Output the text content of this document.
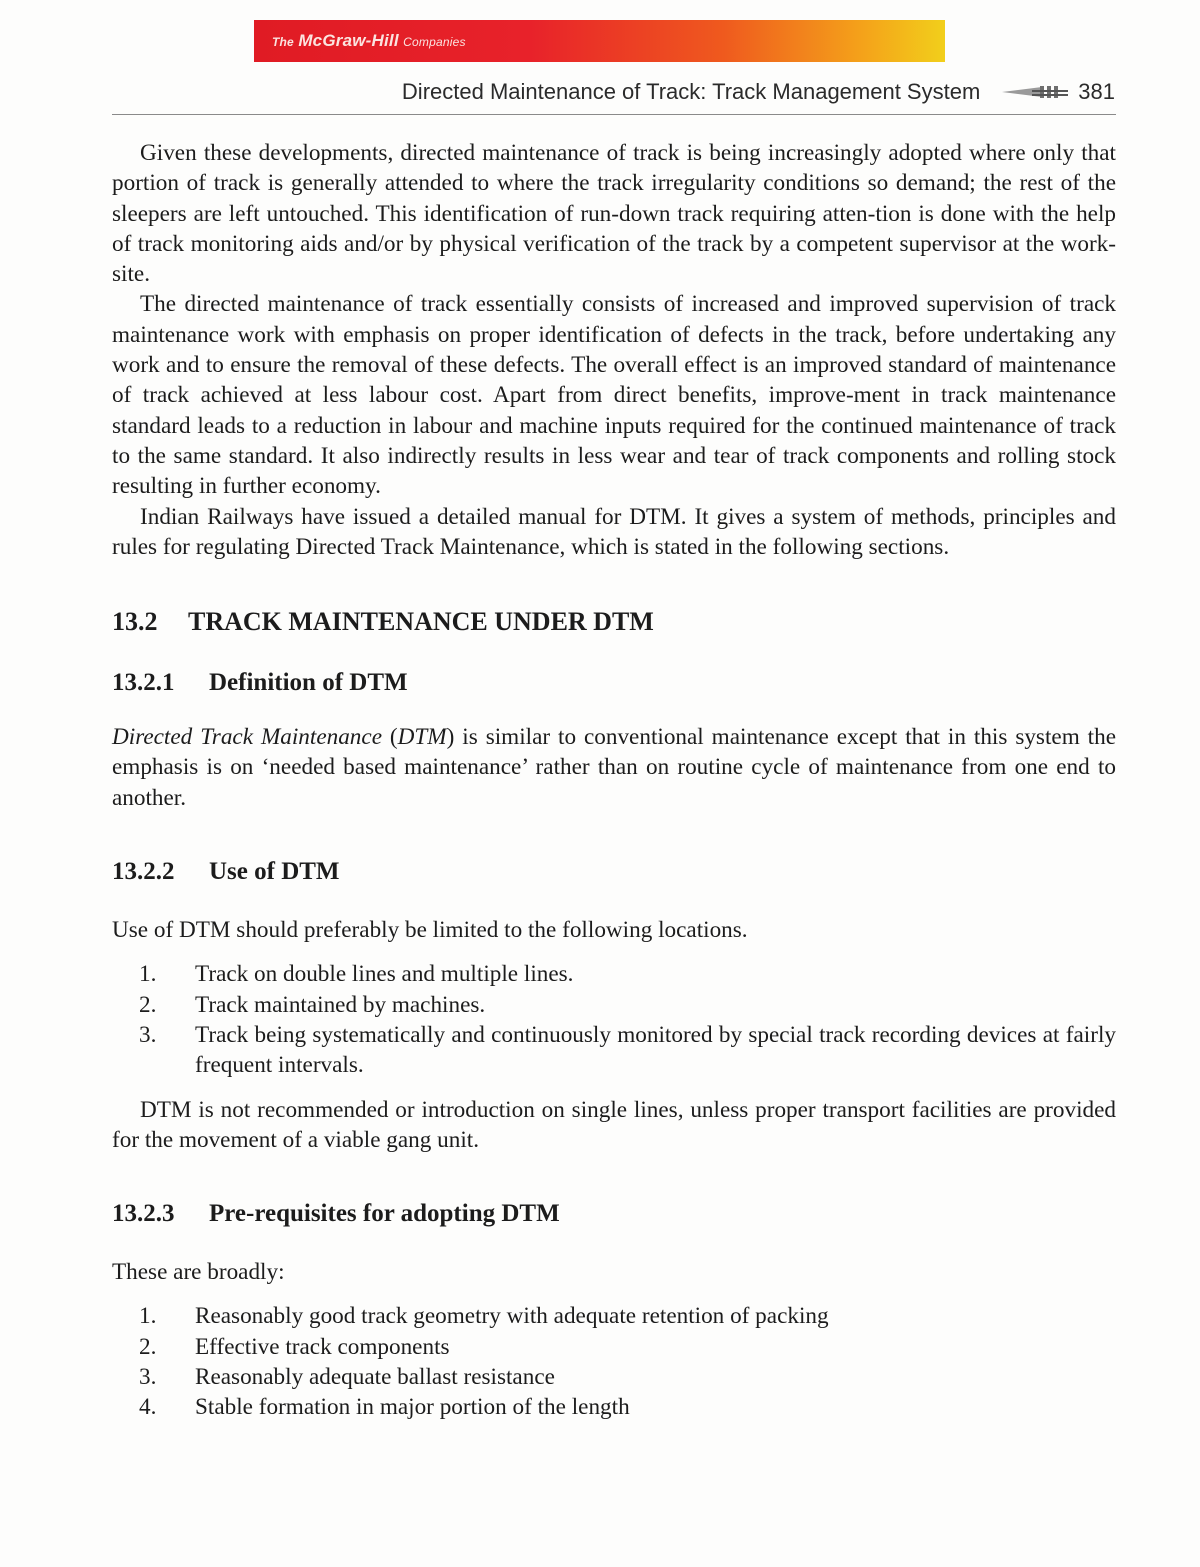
The McGraw-Hill Companies
Directed Maintenance of Track: Track Management System	381

Given these developments, directed maintenance of track is being increasingly adopted where only that portion of track is generally attended to where the track irregularity conditions so demand; the rest of the sleepers are left untouched. This identification of run-down track requiring atten-tion is done with the help of track monitoring aids and/or by physical verification of the track by a competent supervisor at the work-site.

The directed maintenance of track essentially consists of increased and improved supervision of track maintenance work with emphasis on proper identification of defects in the track, before undertaking any work and to ensure the removal of these defects. The overall effect is an improved standard of maintenance of track achieved at less labour cost. Apart from direct benefits, improve-ment in track maintenance standard leads to a reduction in labour and machine inputs required for the continued maintenance of track to the same standard. It also indirectly results in less wear and tear of track components and rolling stock resulting in further economy.

Indian Railways have issued a detailed manual for DTM. It gives a system of methods, principles and rules for regulating Directed Track Maintenance, which is stated in the following sections.

13.2 TRACK MAINTENANCE UNDER DTM
13.2.1 Definition of DTM

Directed Track Maintenance (DTM) is similar to conventional maintenance except that in this system the emphasis is on ‘needed based maintenance’ rather than on routine cycle of maintenance from one end to another.

13.2.2 Use of DTM

Use of DTM should preferably be limited to the following locations.

1. Track on double lines and multiple lines.
2. Track maintained by machines.
3. Track being systematically and continuously monitored by special track recording devices at fairly frequent intervals.

DTM is not recommended or introduction on single lines, unless proper transport facilities are provided for the movement of a viable gang unit.

13.2.3 Pre-requisites for adopting DTM

These are broadly:

1. Reasonably good track geometry with adequate retention of packing
2. Effective track components
3. Reasonably adequate ballast resistance
4. Stable formation in major portion of the length
